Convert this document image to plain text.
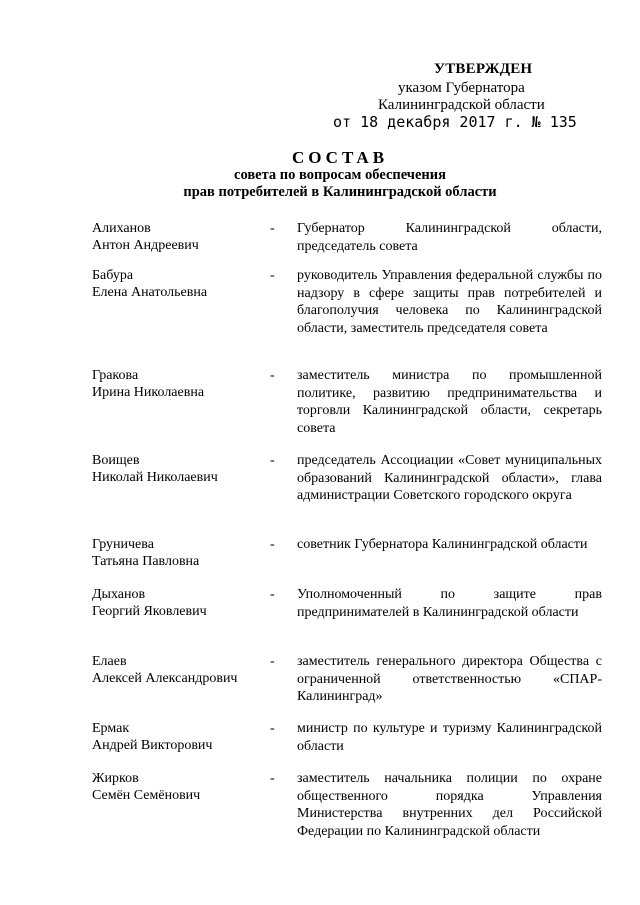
УТВЕРЖДЕН
указом Губернатора
Калининградской области
от 18 декабря 2017 г. № 135
СОСТАВ
совета по вопросам обеспечения
прав потребителей в Калининградской области
Алиханов
Антон Андреевич
- Губернатор Калининградской области, председатель совета
Бабура
Елена Анатольевна
- руководитель Управления федеральной службы по надзору в сфере защиты прав потребителей и благополучия человека по Калининградской области, заместитель председателя совета
Гракова
Ирина Николаевна
- заместитель министра по промышленной политике, развитию предпринимательства и торговли Калининградской области, секретарь совета
Воищев
Николай Николаевич
- председатель Ассоциации «Совет муниципальных образований Калининградской области», глава администрации Советского городского округа
Груничева
Татьяна Павловна
- советник Губернатора Калининградской области
Дыханов
Георгий Яковлевич
- Уполномоченный по защите прав предпринимателей в Калининградской области
Елаев
Алексей Александрович
- заместитель генерального директора Общества с ограниченной ответственностью «СПАР-Калининград»
Ермак
Андрей Викторович
- министр по культуре и туризму Калининградской области
Жирков
Семён Семёнович
- заместитель начальника полиции по охране общественного порядка Управления Министерства внутренних дел Российской Федерации по Калининградской области
